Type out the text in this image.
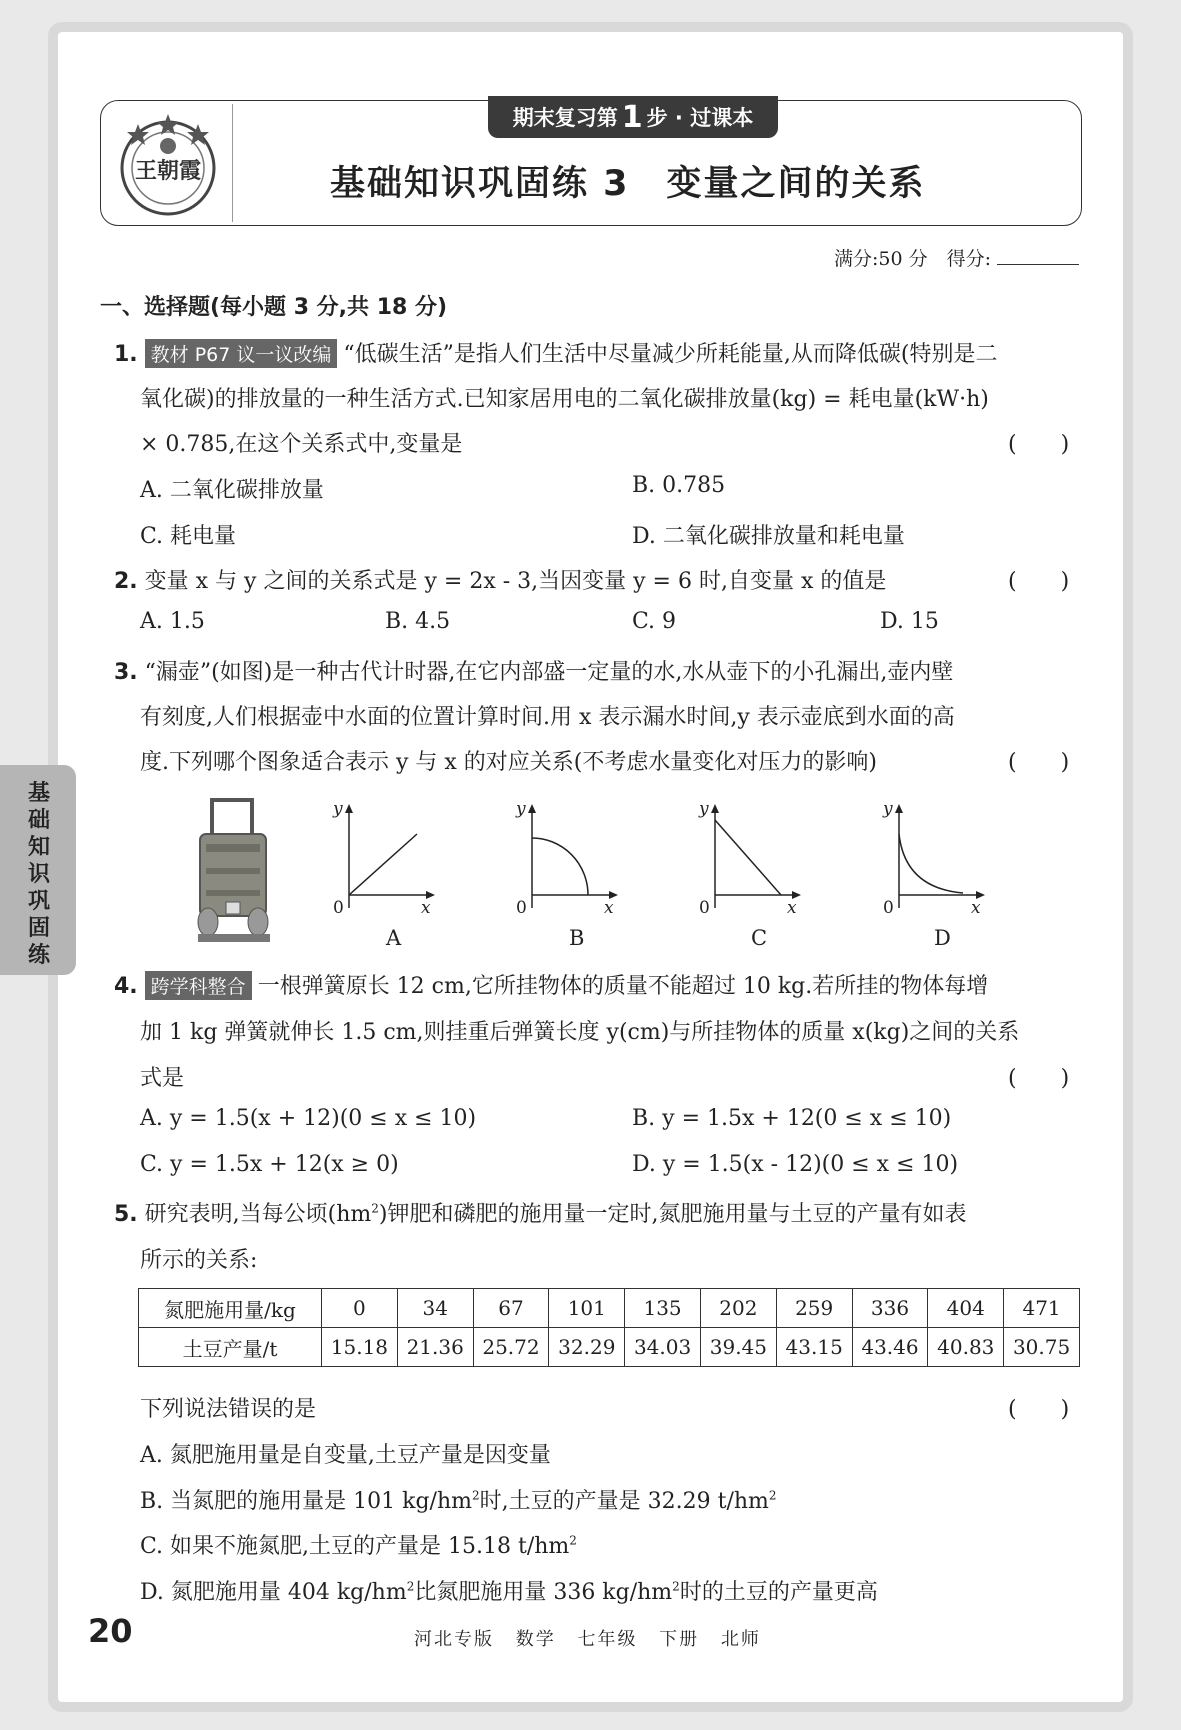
王朝霞
期末复习第 1 步 · 过课本
基础知识巩固练 3　变量之间的关系
满分:50 分　得分:
一、选择题(每小题 3 分,共 18 分)
1. 教材 P67 议一议改编 “低碳生活”是指人们生活中尽量减少所耗能量,从而降低碳(特别是二
氧化碳)的排放量的一种生活方式.已知家居用电的二氧化碳排放量(kg) = 耗电量(kW·h)
× 0.785,在这个关系式中,变量是	(　　)
A. 二氧化碳排放量	B. 0.785
C. 耗电量	D. 二氧化碳排放量和耗电量
2. 变量 x 与 y 之间的关系式是 y = 2x - 3,当因变量 y = 6 时,自变量 x 的值是	(　　)
A. 1.5	B. 4.5	C. 9	D. 15
3. “漏壶”(如图)是一种古代计时器,在它内部盛一定量的水,水从壶下的小孔漏出,壶内壁
有刻度,人们根据壶中水面的位置计算时间.用 x 表示漏水时间,y 表示壶底到水面的高
度.下列哪个图象适合表示 y 与 x 的对应关系(不考虑水量变化对压力的影响)	(　　)
y
x
0
y
x
0
y
x
0
y
x
0
A	B	C	D
基础知识巩固练
4. 跨学科整合 一根弹簧原长 12 cm,它所挂物体的质量不能超过 10 kg.若所挂的物体每增
加 1 kg 弹簧就伸长 1.5 cm,则挂重后弹簧长度 y(cm)与所挂物体的质量 x(kg)之间的关系
式是	(　　)
A. y = 1.5(x + 12)(0 ≤ x ≤ 10)	B. y = 1.5x + 12(0 ≤ x ≤ 10)
C. y = 1.5x + 12(x ≥ 0)	D. y = 1.5(x - 12)(0 ≤ x ≤ 10)
5. 研究表明,当每公顷$(hm^2)$钾肥和磷肥的施用量一定时,氮肥施用量与土豆的产量有如表
所示的关系:
氮肥施用量/kg	0	34	67	101	135	202	259	336	404	471
土豆产量/t	15.18	21.36	25.72	32.29	34.03	39.45	43.15	43.46	40.83	30.75
下列说法错误的是	(　　)
A. 氮肥施用量是自变量,土豆产量是因变量
B. 当氮肥的施用量是 101 $kg/hm^2$时,土豆的产量是 32.29 $t/hm^2$
C. 如果不施氮肥,土豆的产量是 15.18 $t/hm^2$
D. 氮肥施用量 404 $kg/hm^2$比氮肥施用量 336 $kg/hm^2$时的土豆的产量更高
20	河北专版 数学 七年级 下册 北师
